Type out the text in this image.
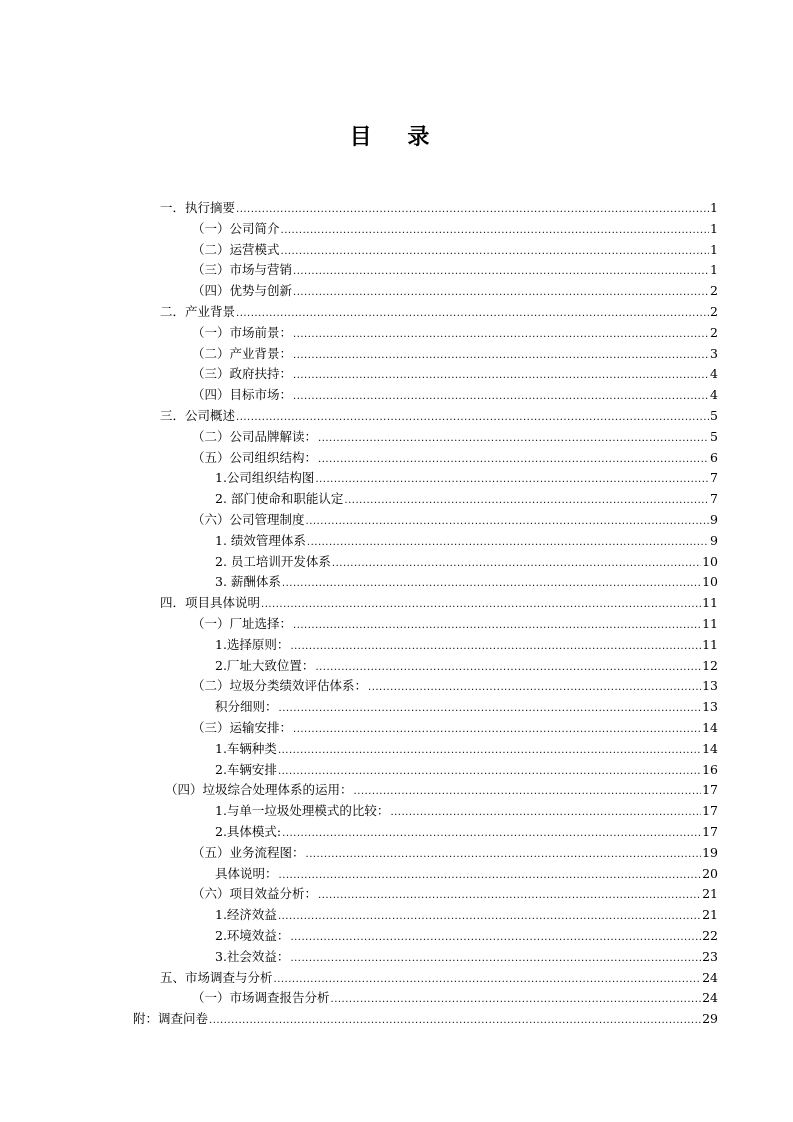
目 录
一．执行摘要 .....	1
（一）公司简介 .....	1
（二）运营模式 .....	1
（三）市场与营销 .....	1
（四）优势与创新 .....	2
二．产业背景 .....	2
（一）市场前景： .....	2
（二）产业背景： .....	3
（三）政府扶持： .....	4
（四）目标市场： .....	4
三．公司概述 .....	5
（二）公司品牌解读： .....	5
（五）公司组织结构： .....	6
1.公司组织结构图 .....	7
2. 部门使命和职能认定 .....	7
（六）公司管理制度 .....	9
1. 绩效管理体系 .....	9
2. 员工培训开发体系 .....	10
3. 薪酬体系 .....	10
四．项目具体说明 .....	11
（一）厂址选择： .....	11
1.选择原则： .....	11
2.厂址大致位置： .....	12
（二）垃圾分类绩效评估体系： .....	13
积分细则： .....	13
（三）运输安排： .....	14
1.车辆种类 .....	14
2.车辆安排 .....	16
（四）垃圾综合处理体系的运用： .....	17
1.与单一垃圾处理模式的比较： .....	17
2.具体模式: .....	17
（五）业务流程图： .....	19
具体说明： .....	20
（六）项目效益分析： .....	21
1.经济效益 .....	21
2.环境效益： .....	22
3.社会效益： .....	23
五、市场调查与分析 .....	24
（一）市场调查报告分析 .....	24
附：调查问卷 .....	29
